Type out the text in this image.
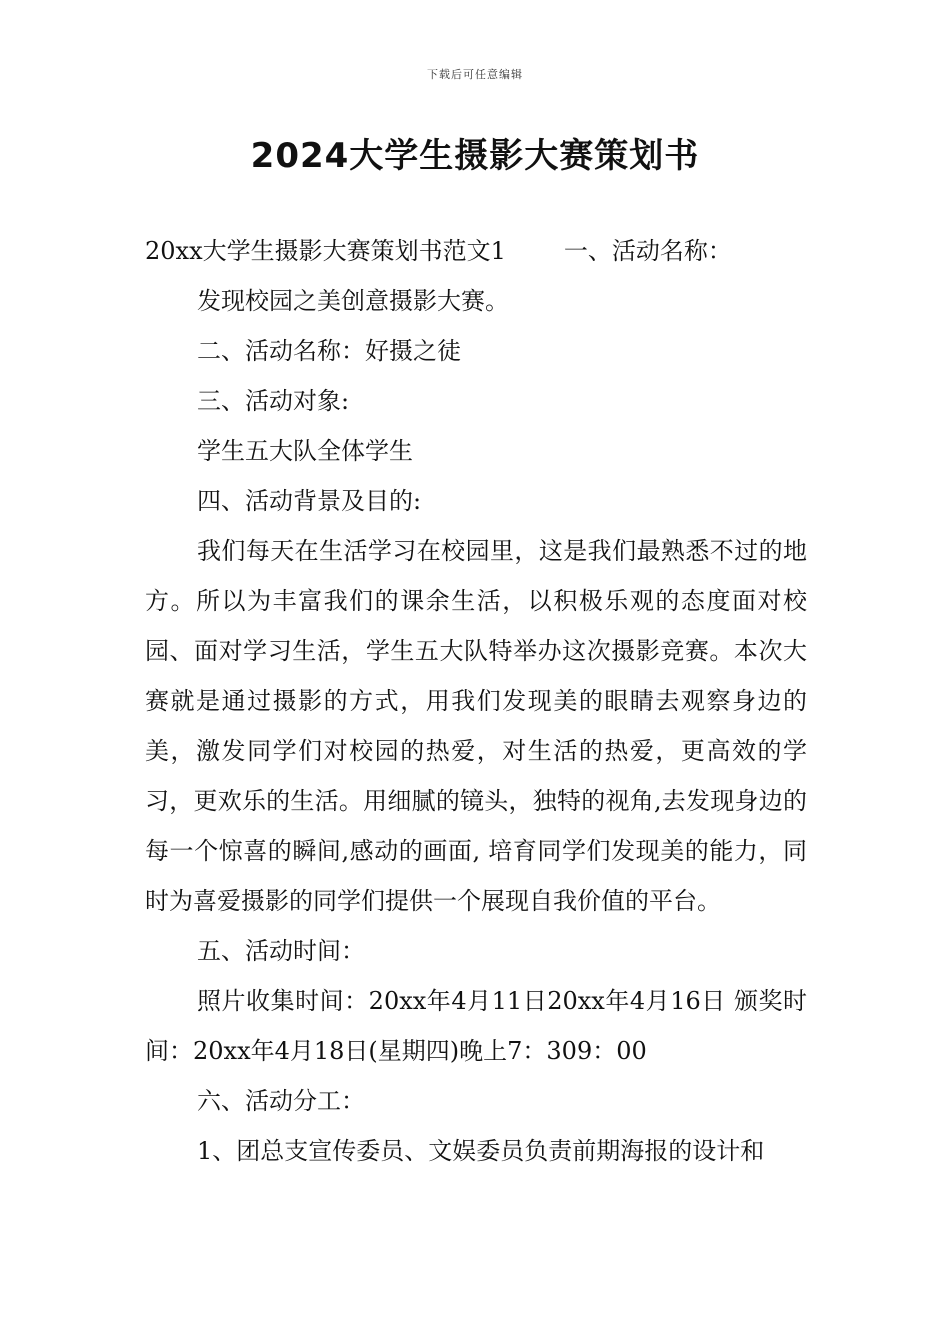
下载后可任意编辑
2024大学生摄影大赛策划书
20xx大学生摄影大赛策划书范文1 一、活动名称：
发现校园之美创意摄影大赛。
二、活动名称：好摄之徒
三、活动对象:
学生五大队全体学生
四、活动背景及目的:
我们每天在生活学习在校园里，这是我们最熟悉不过的地方。所以为丰富我们的课余生活，以积极乐观的态度面对校园、面对学习生活，学生五大队特举办这次摄影竞赛。本次大赛就是通过摄影的方式，用我们发现美的眼睛去观察身边的美，激发同学们对校园的热爱，对生活的热爱，更高效的学习，更欢乐的生活。用细腻的镜头，独特的视角,去发现身边的每一个惊喜的瞬间,感动的画面, 培育同学们发现美的能力，同时为喜爱摄影的同学们提供一个展现自我价值的平台。
五、活动时间：
照片收集时间：20xx年4月11日20xx年4月16日 颁奖时间：20xx年4月18日(星期四)晚上7：309：00
六、活动分工：
1、团总支宣传委员、文娱委员负责前期海报的设计和
